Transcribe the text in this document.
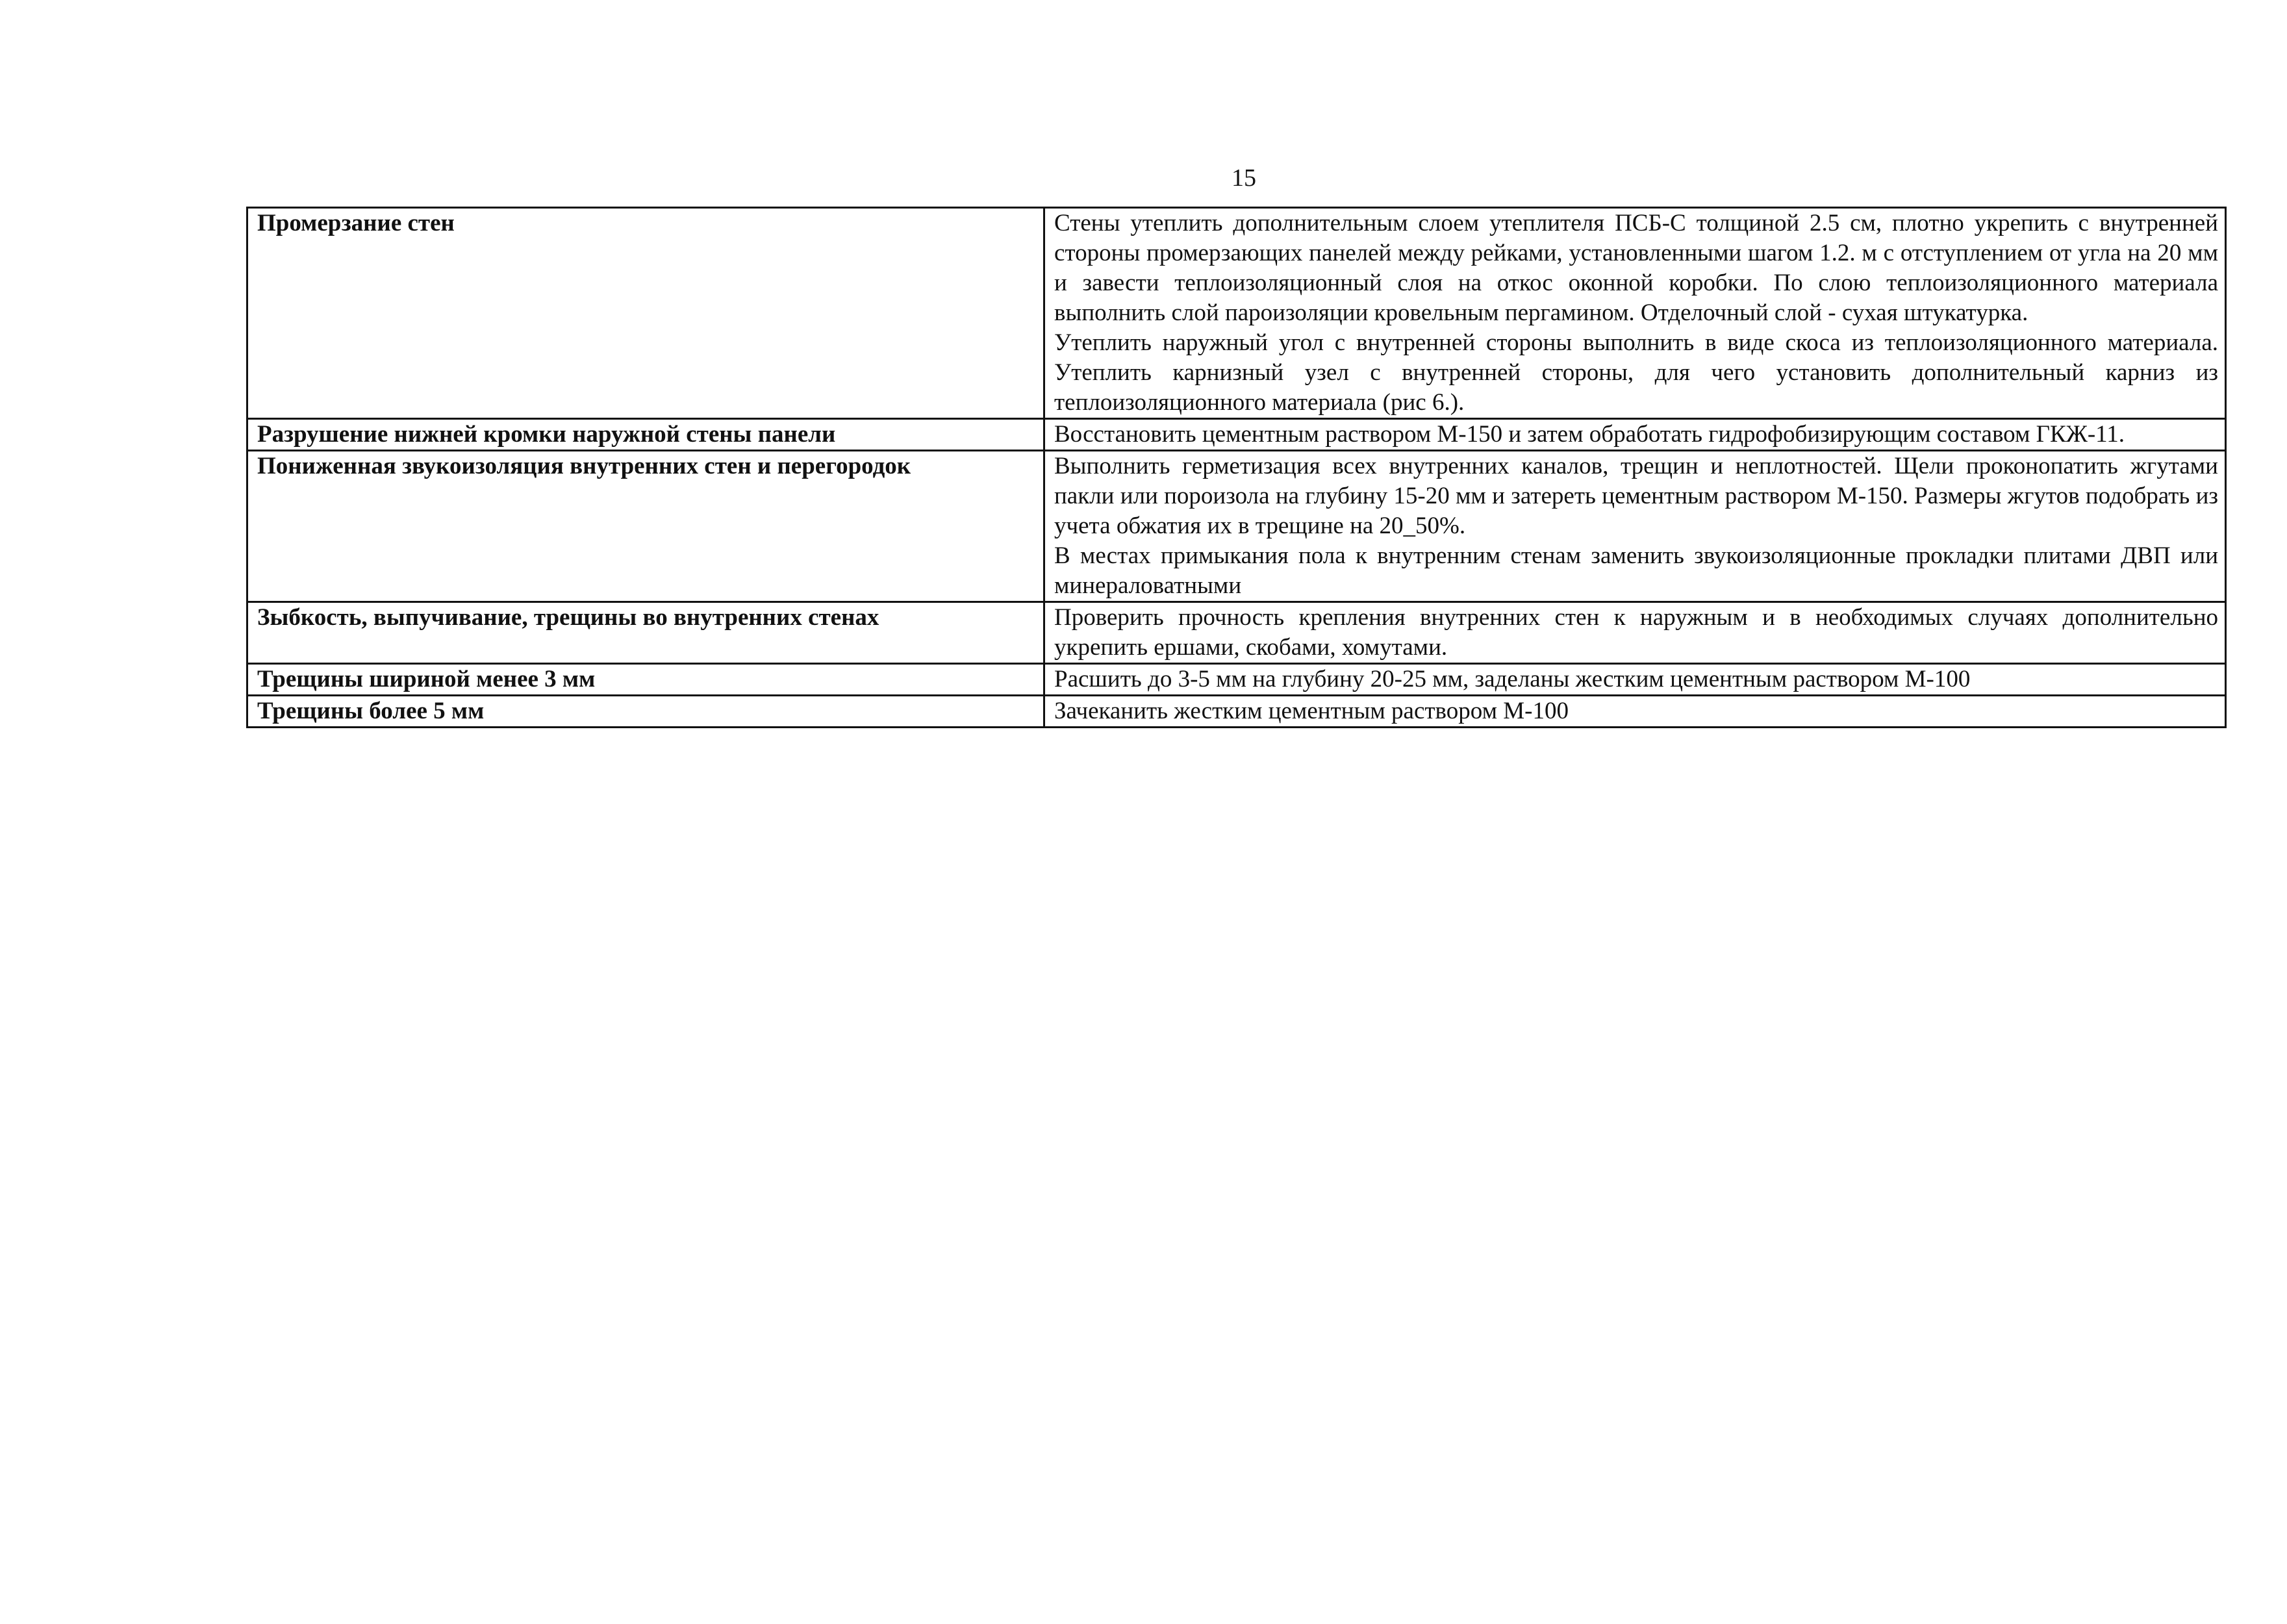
15
Промерзание стен	Стены утеплить дополнительным слоем утеплителя ПСБ-С толщиной 2.5 см, плотно укрепить с внутренней стороны промерзающих панелей между рейками, установленными шагом 1.2. м с отступлением от угла на 20 мм и завести теплоизоляционный слоя на откос оконной коробки. По слою теплоизоляционного материала выполнить слой пароизоляции кровельным пергамином. Отделочный слой - сухая штукатурка.
Утеплить наружный угол с внутренней стороны выполнить в виде скоса из теплоизоляционного материала. Утеплить карнизный узел с внутренней стороны, для чего установить дополнительный карниз из теплоизоляционного материала (рис 6.).

Разрушение нижней кромки наружной стены панели	Восстановить цементным раствором М-150 и затем обработать гидрофобизирующим составом ГКЖ-11.

Пониженная звукоизоляция внутренних стен и перегородок	Выполнить герметизация всех внутренних каналов, трещин и неплотностей. Щели проконопатить жгутами пакли или пороизола на глубину 15-20 мм и затереть цементным раствором М-150. Размеры жгутов подобрать из учета обжатия их в трещине на 20_50%.
В местах примыкания пола к внутренним стенам заменить звукоизоляционные прокладки плитами ДВП или минераловатными

Зыбкость, выпучивание, трещины во внутренних стенах	Проверить прочность крепления внутренних стен к наружным и в необходимых случаях дополнительно укрепить ершами, скобами, хомутами.

Трещины шириной менее 3 мм	Расшить до 3-5 мм на глубину 20-25 мм, заделаны жестким цементным раствором М-100

Трещины более 5 мм	Зачеканить жестким цементным раствором М-100
